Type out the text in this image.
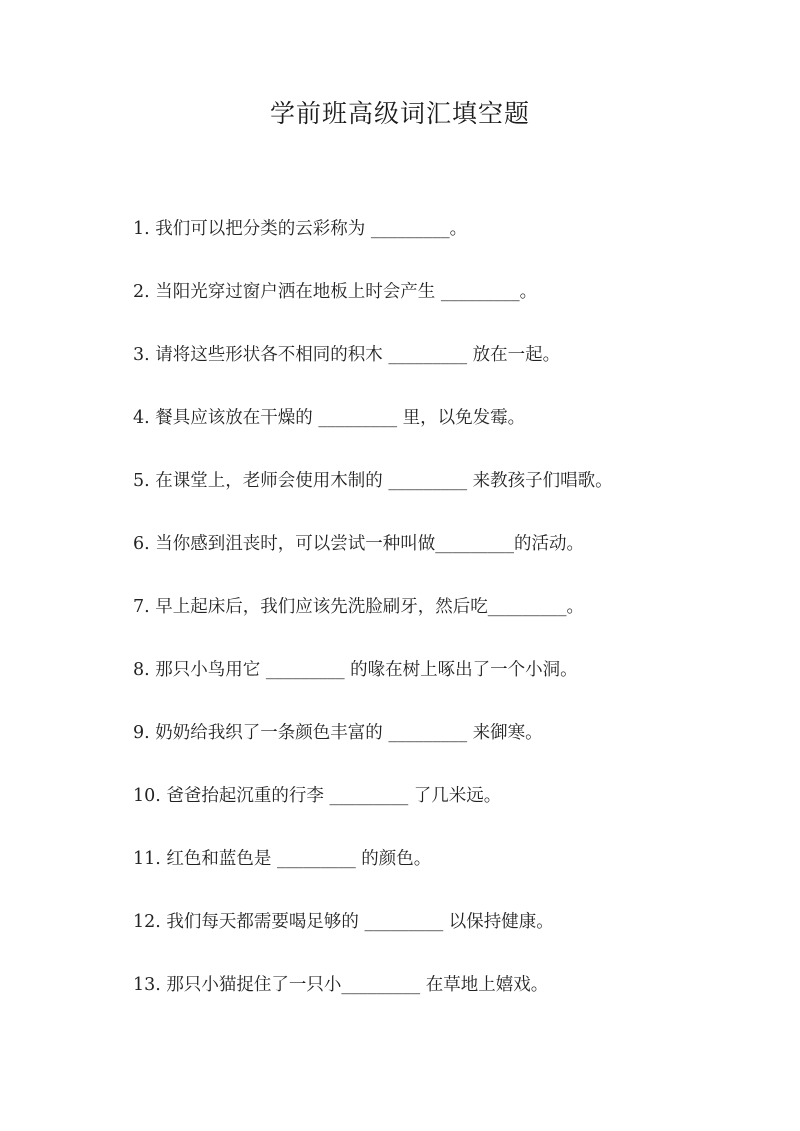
学前班高级词汇填空题
1. 我们可以把分类的云彩称为 _________。
2. 当阳光穿过窗户洒在地板上时会产生 _________。
3. 请将这些形状各不相同的积木 _________ 放在一起。
4. 餐具应该放在干燥的 _________ 里，以免发霉。
5. 在课堂上，老师会使用木制的 _________ 来教孩子们唱歌。
6. 当你感到沮丧时，可以尝试一种叫做_________的活动。
7. 早上起床后，我们应该先洗脸刷牙，然后吃_________。
8. 那只小鸟用它 _________ 的喙在树上啄出了一个小洞。
9. 奶奶给我织了一条颜色丰富的 _________ 来御寒。
10. 爸爸抬起沉重的行李 _________ 了几米远。
11. 红色和蓝色是 _________ 的颜色。
12. 我们每天都需要喝足够的 _________ 以保持健康。
13. 那只小猫捉住了一只小_________ 在草地上嬉戏。
